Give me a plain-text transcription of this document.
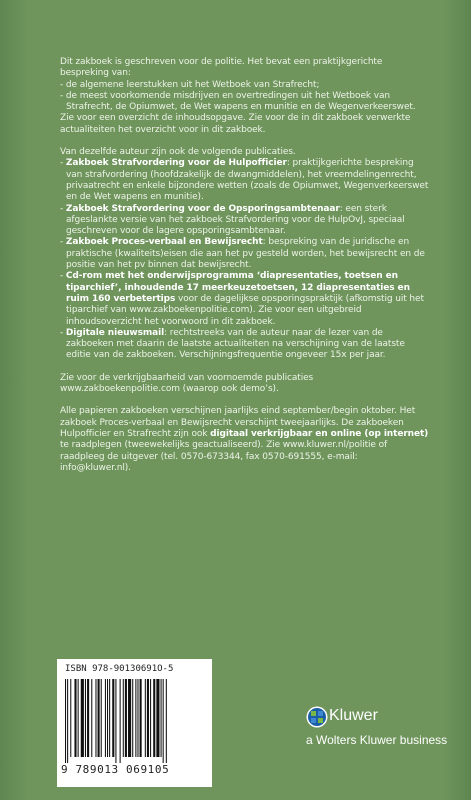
Dit zakboek is geschreven voor de politie. Het bevat een praktijkgerichte bespreking van:
- de algemene leerstukken uit het Wetboek van Strafrecht;
- de meest voorkomende misdrijven en overtredingen uit het Wetboek van Strafrecht, de Opiumwet, de Wet wapens en munitie en de Wegenverkeerswet.

Zie voor een overzicht de inhoudsopgave. Zie voor de in dit zakboek verwerkte actualiteiten het overzicht voor in dit zakboek.

Van dezelfde auteur zijn ook de volgende publicaties.
- Zakboek Strafvordering voor de Hulpofficier: praktijkgerichte bespreking van strafvordering (hoofdzakelijk de dwangmiddelen), het vreemdelingenrecht, privaatrecht en enkele bijzondere wetten (zoals de Opiumwet, Wegenverkeerswet en de Wet wapens en munitie).
- Zakboek Strafvordering voor de Opsporingsambtenaar: een sterk afgeslankte versie van het zakboek Strafvordering voor de HulpOvJ, speciaal geschreven voor de lagere opsporingsambtenaar.
- Zakboek Proces-verbaal en Bewijsrecht: bespreking van de juridische en praktische (kwaliteits)eisen die aan het pv gesteld worden, het bewijsrecht en de positie van het pv binnen dat bewijsrecht.
- Cd-rom met het onderwijsprogramma ‘diapresentaties, toetsen en tiparchief’, inhoudende 17 meerkeuzetoetsen, 12 diapresentaties en ruim 160 verbetertips voor de dagelijkse opsporingspraktijk (afkomstig uit het tiparchief van www.zakboekenpolitie.com). Zie voor een uitgebreid inhoudsoverzicht het voorwoord in dit zakboek.
- Digitale nieuwsmail: rechtstreeks van de auteur naar de lezer van de zakboeken met daarin de laatste actualiteiten na verschijning van de laatste editie van de zakboeken. Verschijningsfrequentie ongeveer 15x per jaar.

Zie voor de verkrijgbaarheid van voornoemde publicaties www.zakboekenpolitie.com (waarop ook demo’s).

Alle papieren zakboeken verschijnen jaarlijks eind september/begin oktober. Het zakboek Proces-verbaal en Bewijsrecht verschijnt tweejaarlijks. De zakboeken Hulpofficier en Strafrecht zijn ook digitaal verkrijgbaar en online (op internet) te raadplegen (tweewekelijks geactualiseerd). Zie www.kluwer.nl/politie of raadpleeg de uitgever (tel. 0570-673344, fax 0570-691555, e-mail: info@kluwer.nl).

ISBN 978-90130691O-5
9 789013 069105
Kluwer
a Wolters Kluwer business
